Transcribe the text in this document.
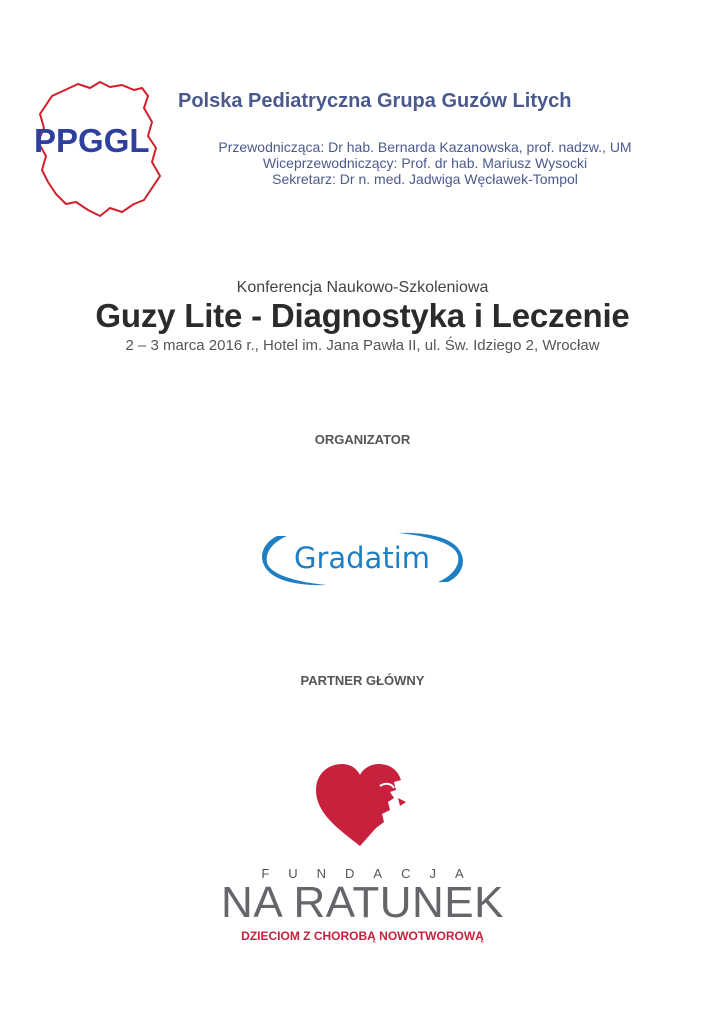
PPGGL
Polska Pediatryczna Grupa Guzów Litych
Przewodnicząca: Dr hab. Bernarda Kazanowska, prof. nadzw., UM
Wiceprzewodniczący: Prof. dr hab. Mariusz Wysocki
Sekretarz: Dr n. med. Jadwiga Węcławek-Tompol
Konferencja Naukowo-Szkoleniowa
Guzy Lite - Diagnostyka i Leczenie
2 – 3 marca 2016 r., Hotel im. Jana Pawła II, ul. Św. Idziego 2, Wrocław
ORGANIZATOR
Gradatim
PARTNER GŁÓWNY
FUNDACJA
NA RATUNEK
DZIECIOM Z CHOROBĄ NOWOTWOROWĄ
